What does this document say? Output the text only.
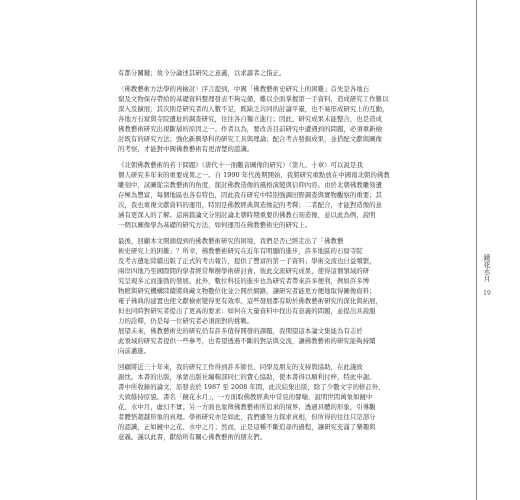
有都分關鍵；故今分論述其研究之意義，以求讀者之指正。
〈佛教藝術方法學的再檢討〉序言提到，中國「佛教藝術史研究上的困難」首先是各地石
窟及文物保存帶給的基礎資料整理發表不夠完備，難以全面掌握第一手資料，造成研究工作難以
深入及擴展；其次則是研究者的人數不足，既缺乏共同的討論平臺，也不易形成研究上的互動，
各地方石窟與寺院遺址的調查研究，往往各自獨立進行；因此，研究成果未能整合，也是造成
佛教藝術研究出現斷層的原因之一。作者以為，要改善目前研究中遭遇到的問題，必須重新檢
討既有的研究方法；強化新興學科的研究工具與理論；配合考古發掘成果，並搭配文獻與圖像
的考察，才能對中國佛教藝術有更清楚的認識。
《北朝佛教藝術的若干問題》（唐代十一面觀音圖像的研究）（第九、十章）可以說是我
個人研究多年來的重要成果之一。自 1990 年代後期開始，我將研究重點放在中國南北朝的佛教
雕刻中，試圖從宗教藝術的角度，探討佛教造像的風格演變與信仰內容。由於北朝佛教雕刻遺
存極為豐富，每個地區也各有特色，因此我在研究中特別強調田野調查與實物觀察的重要；其
次，我也重視文獻資料的運用，特別是佛教經典與造像記的考釋；二者配合，才能對造像的意
涵有更深入的了解。這兩篇論文分別討論北朝時期重要的佛教石刻造像，並以此為例，說明
一個以圖像學為基礎的研究方法，如何運用在佛教藝術史的研究上。
最後，回顧本文開頭提到的佛教藝術研究的困境，我們是否已經走出了「佛教藝
術史研究上的困難」？所幸，佛教藝術研究在近年有明顯的進步，許多地區的石窟寺院
及考古遺址陸續出版了正式的考古報告，提供了豐富的第一手資料；學術交流也日益頻繁，
兩岸四地乃至國際間的學者經常舉辦學術研討會，彼此交流研究成果，使得這個領域的研
究呈現多元而蓬勃的發展。此外，數位科技的進步也為研究者帶來許多便利，例如許多博
物館與研究機構陸續將典藏文物數位化並公開於網路，讓研究者能更方便地取得圖像資料；
電子佛典的建置也使文獻檢索變得更有效率。這些發展都有助於佛教藝術研究的深化與拓展，
但也同時對研究者提出了更高的要求：如何在大量資料中找出有意義的問題，並提出具說服
力的詮釋，仍是每一位研究者必須面對的挑戰。
展望未來，佛教藝術史的研究仍有許多值得開發的課題，我期望這本論文集能為有志於
此領域的研究者提供一些參考，也希望透過不斷的對話與交流，讓佛教藝術的研究能夠持續
向前邁進。
回顧將近三十年來，我的研究工作得到許多師長、同學及朋友的支持與協助，在此謹致
謝忱。本書的出版，承蒙出版社編輯部同仁的費心協助，使本書得以順利付梓，特此申謝。
書中所收錄的論文，原發表於 1987 至 2008 年間，此次結集出版，除了少數文字的修訂外，
大致維持原貌。書名「鏡花水月」，一方面取佛教經典中常見的譬喻，說明世間萬象如鏡中
花、水中月，虛幻不實；另一方面也象徵佛教藝術所追求的境界，透過具體的形象，引導觀
者體悟超越形象的真理。學術研究亦是如此，我們雖努力探求真相，但所得的往往只是部分
的認識，正如鏡中之花、水中之月；然而，正是這種不斷追尋的過程，讓研究充滿了樂趣與
意義。謹以此書，獻給所有關心佛教藝術的朋友們。
鏡花水月
19
